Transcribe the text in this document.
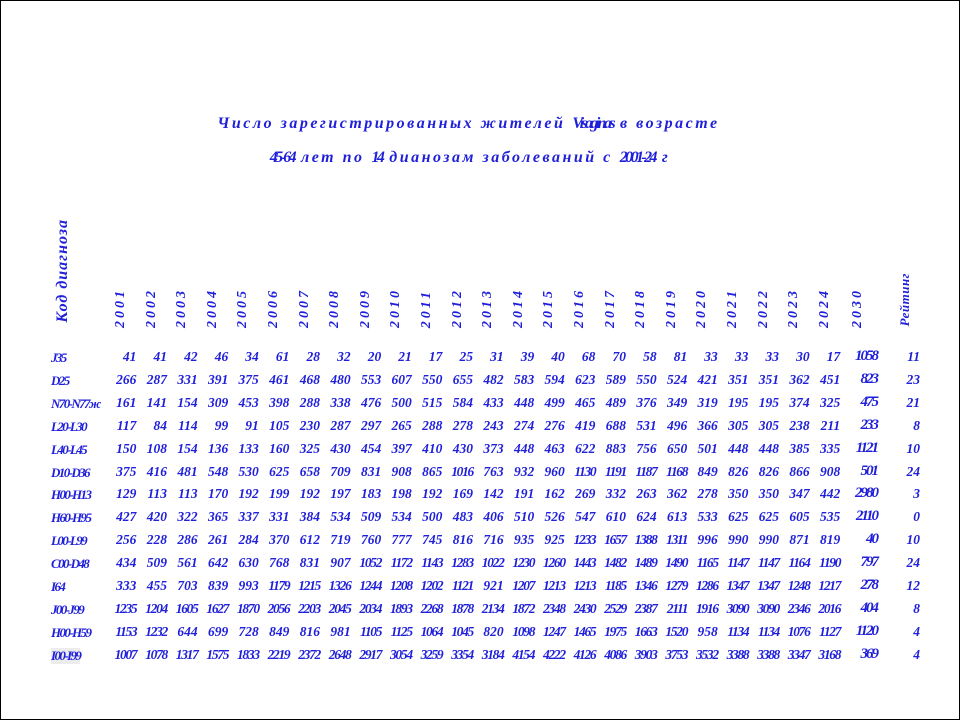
Число зарегистрированных жителей Visaginas в возрасте
45-64 лет по 14 дианозам заболеваний с 2001-24 г
Код диагноза	Рейтинг
2001 2002 2003 2004 2005 2006 2007 2008 2009 2010 2011 2012 2013 2014 2015 2016 2017 2018 2019 2020 2021 2022 2023 2024 2030
J35	41	41	42	46	34	61	28	32	20	21	17	25	31	39	40	68	70	58	81	33	33	33	30	17 1058	11
D25	266 287 331 391 375 461 468 480 553 607 550 655 482 583 594 623 589 550 524 421 351 351 362 451	823	23
N70-N77ж	161 141 154 309 453 398 288 338 476 500 515 584 433 448 499 465 489 376 349 319 195 195 374 325	475	21
L20-L30	117	84 114	99	91 105 230 287 297 265 288 278 243 274 276 419 688 531 496 366 305 305 238 211	233	8
L40-L45	150 108 154 136 133 160 325 430 454 397 410 430 373 448 463 622 883 756 650 501 448 448 385 335	1121	10
D10-D36	375 416 481 548 530 625 658 709 831 908 865 1016 763 932 960 1130 1191 1187 1168 849 826 826 866 908	501	24
H00-H13	129 113 113 170 192 199 192 197 183 198 192 169 142 191 162 269 332 263 362 278 350 350 347 442 2980	3
H60-H95	427 420 322 365 337 331 384 534 509 534 500 483 406 510 526 547 610 624 613 533 625 625 605 535	2110	0
L00-L99	256 228 286 261 284 370 612 719 760 777 745 816 716 935 925 1233 1657 1388 1311 996 990 990 871 819	40	10
C00-D48	434 509 561 642 630 768 831 907 1052 1172 1143 1283 1022 1230 1260 1443 1482 1489 1490 1165 1147 1147 1164 1190	797	24
I64	333 455 703 839 993 1179 1215 1326 1244 1208 1202 1121 921 1207 1213 1213 1185 1346 1279 1286 1347 1347 1248 1217	278	12
J00-J99	1235 1204 1605 1627 1870 2056 2203 2045 2034 1893 2268 1878 2134 1872 2348 2430 2529 2387 2111 1916 3090 3090 2346 2016	404	8
H00-H59	1153 1232 644 699 728 849 816 981 1105 1125 1064 1045 820 1098 1247 1465 1975 1663 1520 958 1134 1134 1076 1127	1120	4
I00-I99	1007 1078 1317 1575 1833 2219 2372 2648 2917 3054 3259 3354 3184 4154 4222 4126 4086 3903 3753 3532 3388 3388 3347 3168	369	4
